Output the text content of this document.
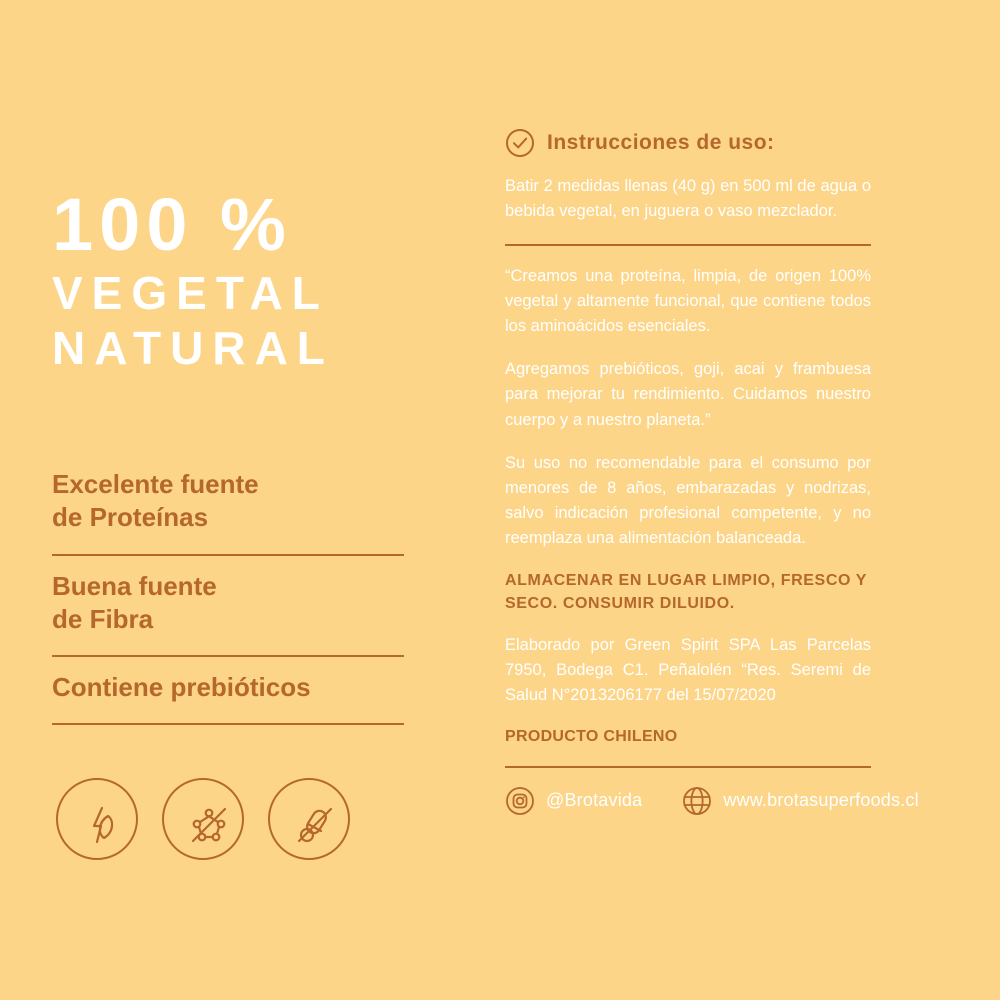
100 %
VEGETAL
NATURAL
Excelente fuente
de Proteínas
Buena fuente
de Fibra
Contiene prebióticos
Instrucciones de uso:

Batir 2 medidas llenas (40 g) en 500 ml de agua o bebida vegetal, en juguera o vaso mezclador.

“Creamos una proteína, limpia, de origen 100% vegetal y altamente funcional, que contiene todos los aminoácidos esenciales.

Agregamos prebióticos, goji, acai y frambuesa para mejorar tu rendimiento. Cuidamos nuestro cuerpo y a nuestro planeta.”

Su uso no recomendable para el consumo por menores de 8 años, embarazadas y nodrizas, salvo indicación profesional competente, y no reemplaza una alimentación balanceada.

ALMACENAR EN LUGAR LIMPIO, FRESCO Y SECO. CONSUMIR DILUIDO.

Elaborado por Green Spirit SPA Las Parcelas 7950, Bodega C1. Peñalolén “Res. Seremi de Salud N°2013206177 del 15/07/2020

PRODUCTO CHILENO

@Brotavida	www.brotasuperfoods.cl
